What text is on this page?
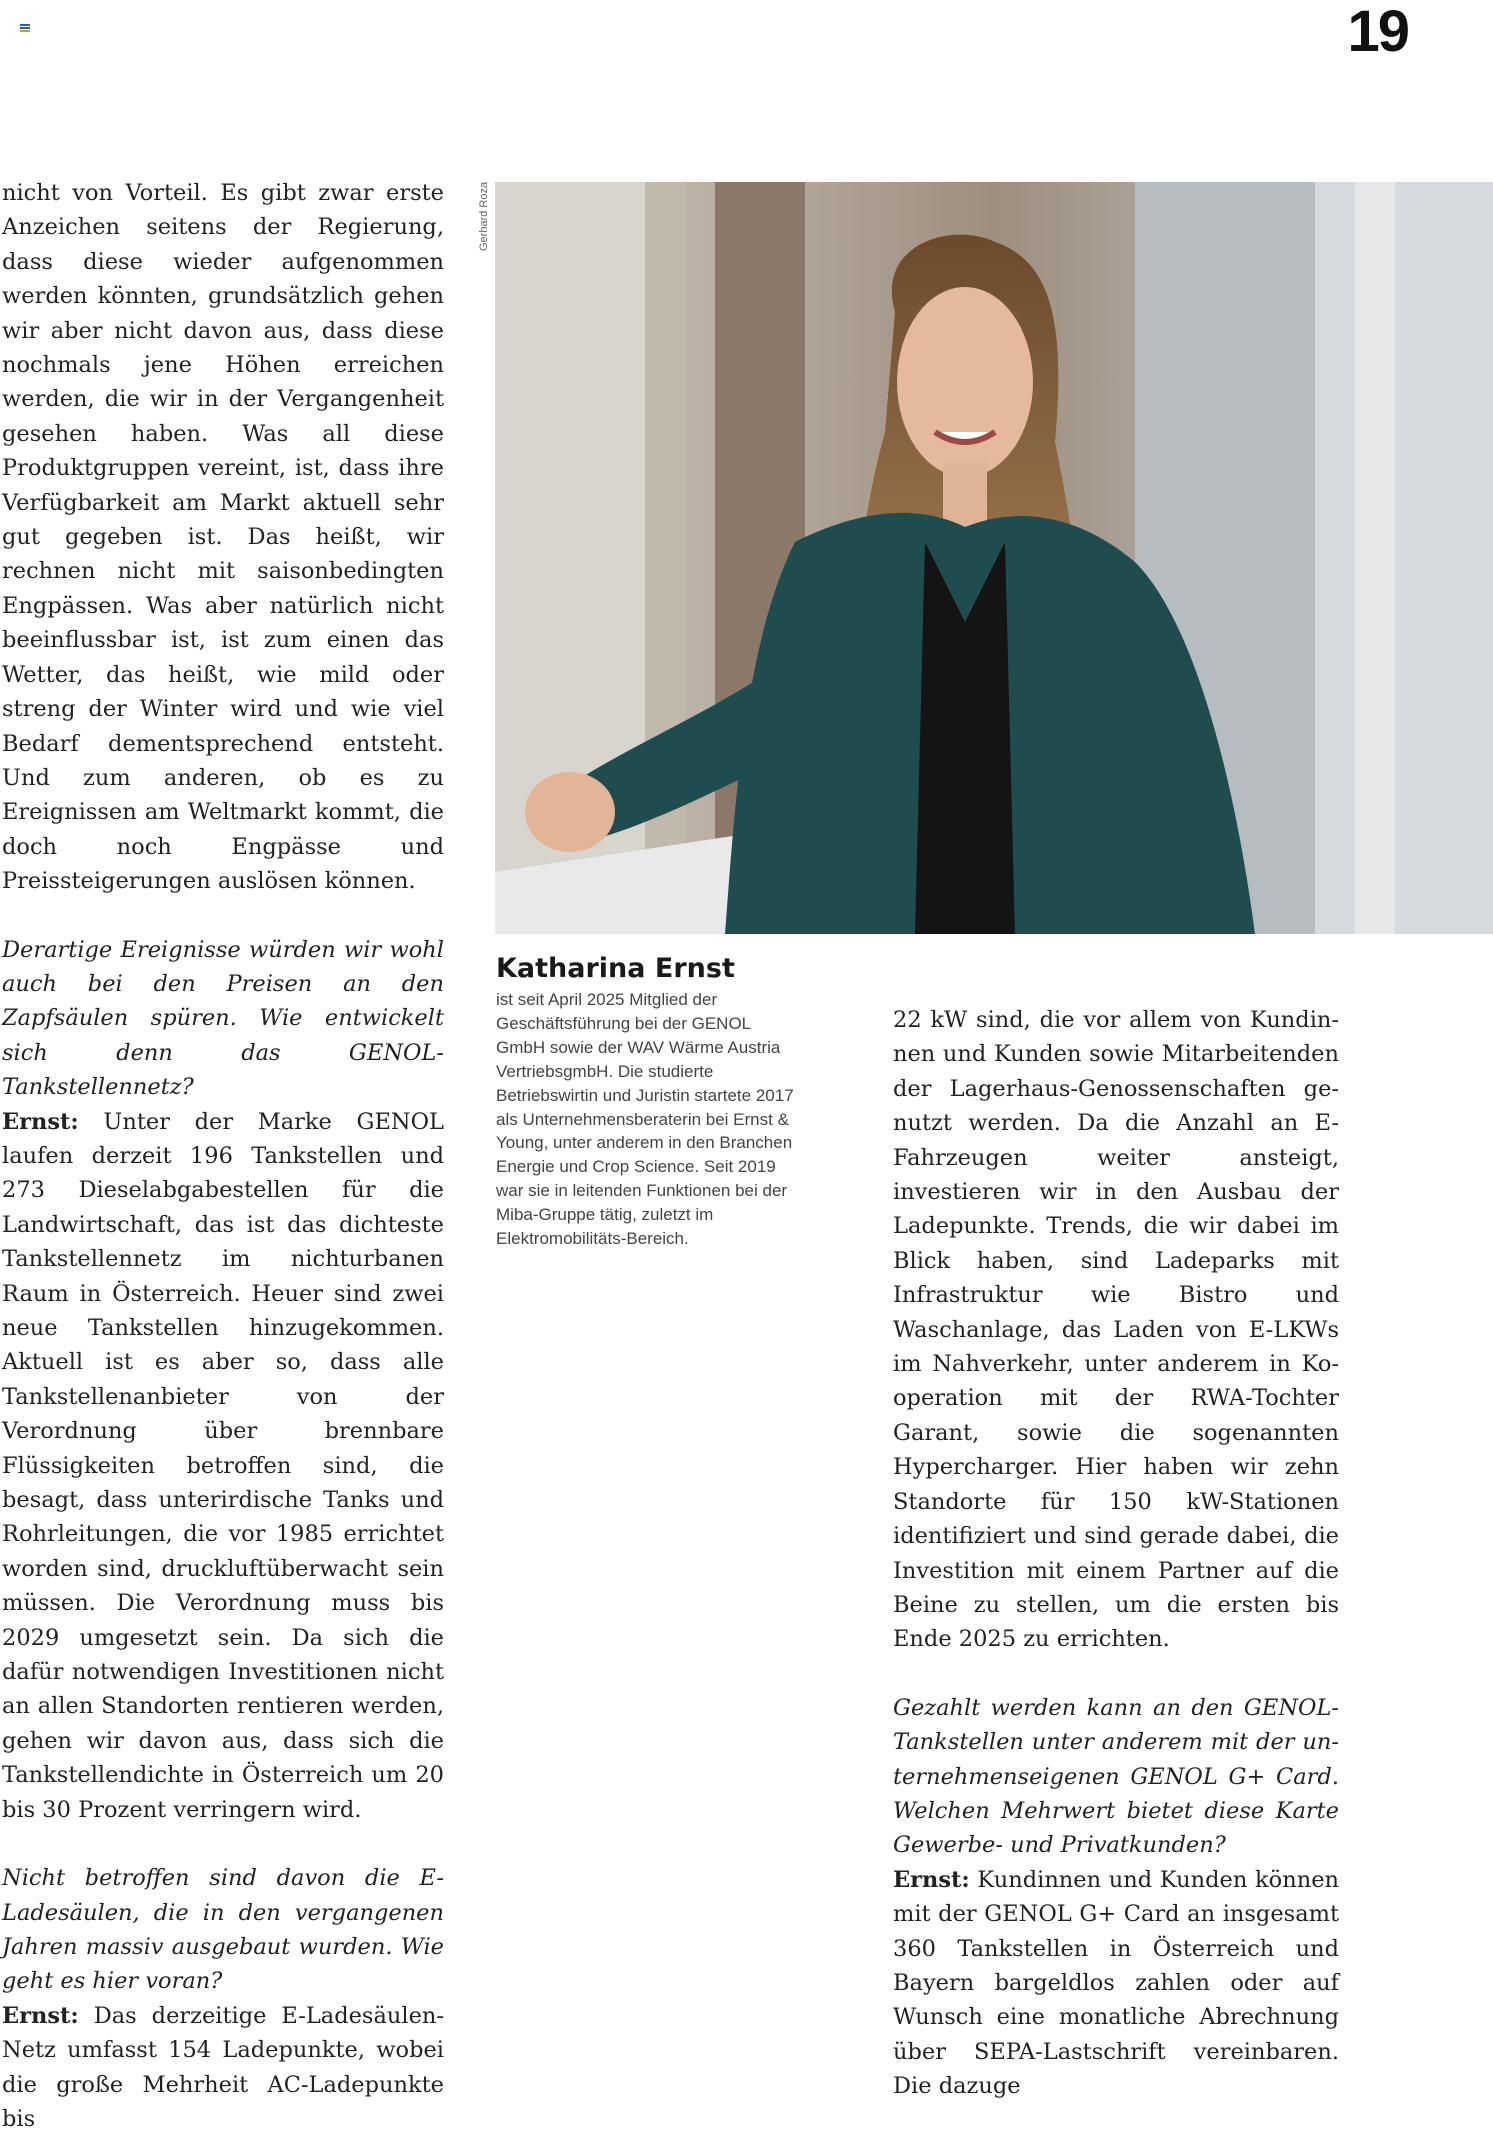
19

nicht von Vorteil. Es gibt zwar erste Anzeichen seitens der Regierung, dass diese wieder aufgenommen werden könnten, grundsätzlich gehen wir aber nicht davon aus, dass diese nochmals jene Höhen erreichen werden, die wir in der Vergangenheit gesehen haben. Was all diese Produktgruppen vereint, ist, dass ihre Verfügbarkeit am Markt aktuell sehr gut gegeben ist. Das heißt, wir rechnen nicht mit saisonbedingten Engpässen. Was aber natürlich nicht beeinflussbar ist, ist zum einen das Wetter, das heißt, wie mild oder streng der Winter wird und wie viel Bedarf dementsprechend entsteht. Und zum anderen, ob es zu Ereignissen am Weltmarkt kommt, die doch noch Engpässe und Preissteigerungen auslösen können.

Derartige Ereignisse würden wir wohl auch bei den Preisen an den Zapfsäulen spüren. Wie entwickelt sich denn das GENOL-Tankstellennetz?

Ernst: Unter der Marke GENOL laufen derzeit 196 Tankstellen und 273 Dieselabgabestellen für die Landwirtschaft, das ist das dichteste Tankstellennetz im nichturbanen Raum in Österreich. Heuer sind zwei neue Tankstellen hinzugekommen. Aktuell ist es aber so, dass alle Tankstellenanbieter von der Verordnung über brennbare Flüssigkeiten betroffen sind, die besagt, dass unterirdische Tanks und Rohrleitungen, die vor 1985 errichtet worden sind, druckluftüberwacht sein müssen. Die Verordnung muss bis 2029 umgesetzt sein. Da sich die dafür notwendigen Investitionen nicht an allen Standorten rentieren werden, gehen wir davon aus, dass sich die Tankstellendichte in Österreich um 20 bis 30 Prozent verringern wird.

Nicht betroffen sind davon die E-Ladesäulen, die in den vergangenen Jahren massiv ausgebaut wurden. Wie geht es hier voran?

Ernst: Das derzeitige E-Ladesäulen-Netz umfasst 154 Ladepunkte, wobei die große Mehrheit AC-Ladepunkte bis

Gerhard Roza

Katharina Ernst

ist seit April 2025 Mitglied der Geschäftsführung bei der GENOL GmbH sowie der WAV Wärme Austria VertriebsgmbH. Die studierte Betriebswirtin und Juristin startete 2017 als Unternehmensberaterin bei Ernst & Young, unter anderem in den Branchen Energie und Crop Science. Seit 2019 war sie in leitenden Funktionen bei der Miba-Gruppe tätig, zuletzt im Elektromobilitäts-Bereich.

22 kW sind, die vor allem von Kundinnen und Kunden sowie Mitarbeitenden der Lagerhaus-Genossenschaften genutzt werden. Da die Anzahl an E-Fahrzeugen weiter ansteigt, investieren wir in den Ausbau der Ladepunkte. Trends, die wir dabei im Blick haben, sind Ladeparks mit Infrastruktur wie Bistro und Waschanlage, das Laden von E-LKWs im Nahverkehr, unter anderem in Kooperation mit der RWA-Tochter Garant, sowie die sogenannten Hypercharger. Hier haben wir zehn Standorte für 150 kW-Stationen identifiziert und sind gerade dabei, die Investition mit einem Partner auf die Beine zu stellen, um die ersten bis Ende 2025 zu errichten.

Gezahlt werden kann an den GENOL-Tankstellen unter anderem mit der unternehmenseigenen GENOL G+ Card. Welchen Mehrwert bietet diese Karte Gewerbe- und Privatkunden?

Ernst: Kundinnen und Kunden können mit der GENOL G+ Card an insgesamt 360 Tankstellen in Österreich und Bayern bargeldlos zahlen oder auf Wunsch eine monatliche Abrechnung über SEPA-Lastschrift vereinbaren. Die dazuge
